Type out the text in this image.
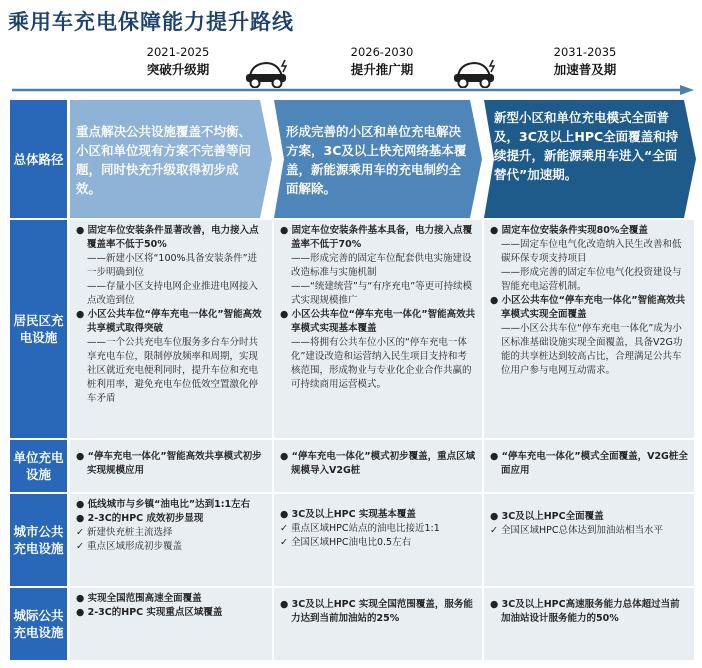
乘用车充电保障能力提升路线
2021-2025
突破升级期
2026-2030
提升推广期
2031-2035
加速普及期
总体路径
居民区充电设施
单位充电设施
城市公共充电设施
城际公共充电设施
重点解决公共设施覆盖不均衡、小区和单位现有方案不完善等问题，同时快充升级取得初步成效。
形成完善的小区和单位充电解决方案，3C及以上快充网络基本覆盖，新能源乘用车的充电制约全面解除。
新型小区和单位充电模式全面普及，3C及以上HPC全面覆盖和持续提升，新能源乘用车进入“全面替代”加速期。
● 固定车位安装条件显著改善，电力接入点覆盖率不低于50%
——新建小区将“100%具备安装条件”进一步明确到位
——存量小区支持电网企业推进电网接入点改造到位
● 小区公共车位“停车充电一体化”智能高效共享模式取得突破
——一个公共充电车位服务多台车分时共享充电车位，限制停放频率和周期，实现社区就近充电便利同时，提升车位和充电桩利用率，避免充电车位低效空置激化停车矛盾
● 固定车位安装条件基本具备，电力接入点覆盖率不低于70%
——形成完善的固定车位配套供电实施建设改造标准与实施机制
——“统建统营”与“有序充电”等更可持续模式实现规模推广
● 小区公共车位“停车充电一体化”智能高效共享模式实现基本覆盖
——将拥有公共车位小区的“停车充电一体化”建设改造和运营纳入民生项目支持和考核范围，形成物业与专业化企业合作共赢的可持续商用运营模式。
● 固定车位安装条件实现80%全覆盖
——固定车位电气化改造纳入民生改善和低碳环保专项支持项目
——形成完善的固定车位电气化投资建设与智能充电运营机制。
● 小区公共车位“停车充电一体化”智能高效共享模式实现全面覆盖
——小区公共车位“停车充电一体化”成为小区标准基础设施实现全面覆盖，具备V2G功能的共享桩达到较高占比，合理满足公共车位用户参与电网互动需求。
● “停车充电一体化”智能高效共享模式初步实现规模应用
● “停车充电一体化”模式初步覆盖，重点区域规模导入V2G桩
● “停车充电一体化”模式全面覆盖，V2G桩全面应用
● 低线城市与乡镇“油电比”达到1:1左右
● 2-3C的HPC 成效初步显现
✓ 新建快充桩主流选择
✓ 重点区域形成初步覆盖
● 3C及以上HPC 实现基本覆盖
✓ 重点区域HPC站点的油电比接近1:1
✓ 全国区域HPC油电比0.5左右
● 3C及以上HPC全面覆盖
✓ 全国区域HPC总体达到加油站相当水平
● 实现全国范围高速全面覆盖
● 2-3C的HPC 实现重点区域覆盖
● 3C及以上HPC 实现全国范围覆盖，服务能力达到当前加油站的25%
● 3C及以上HPC高速服务能力总体超过当前加油站设计服务能力的50%
